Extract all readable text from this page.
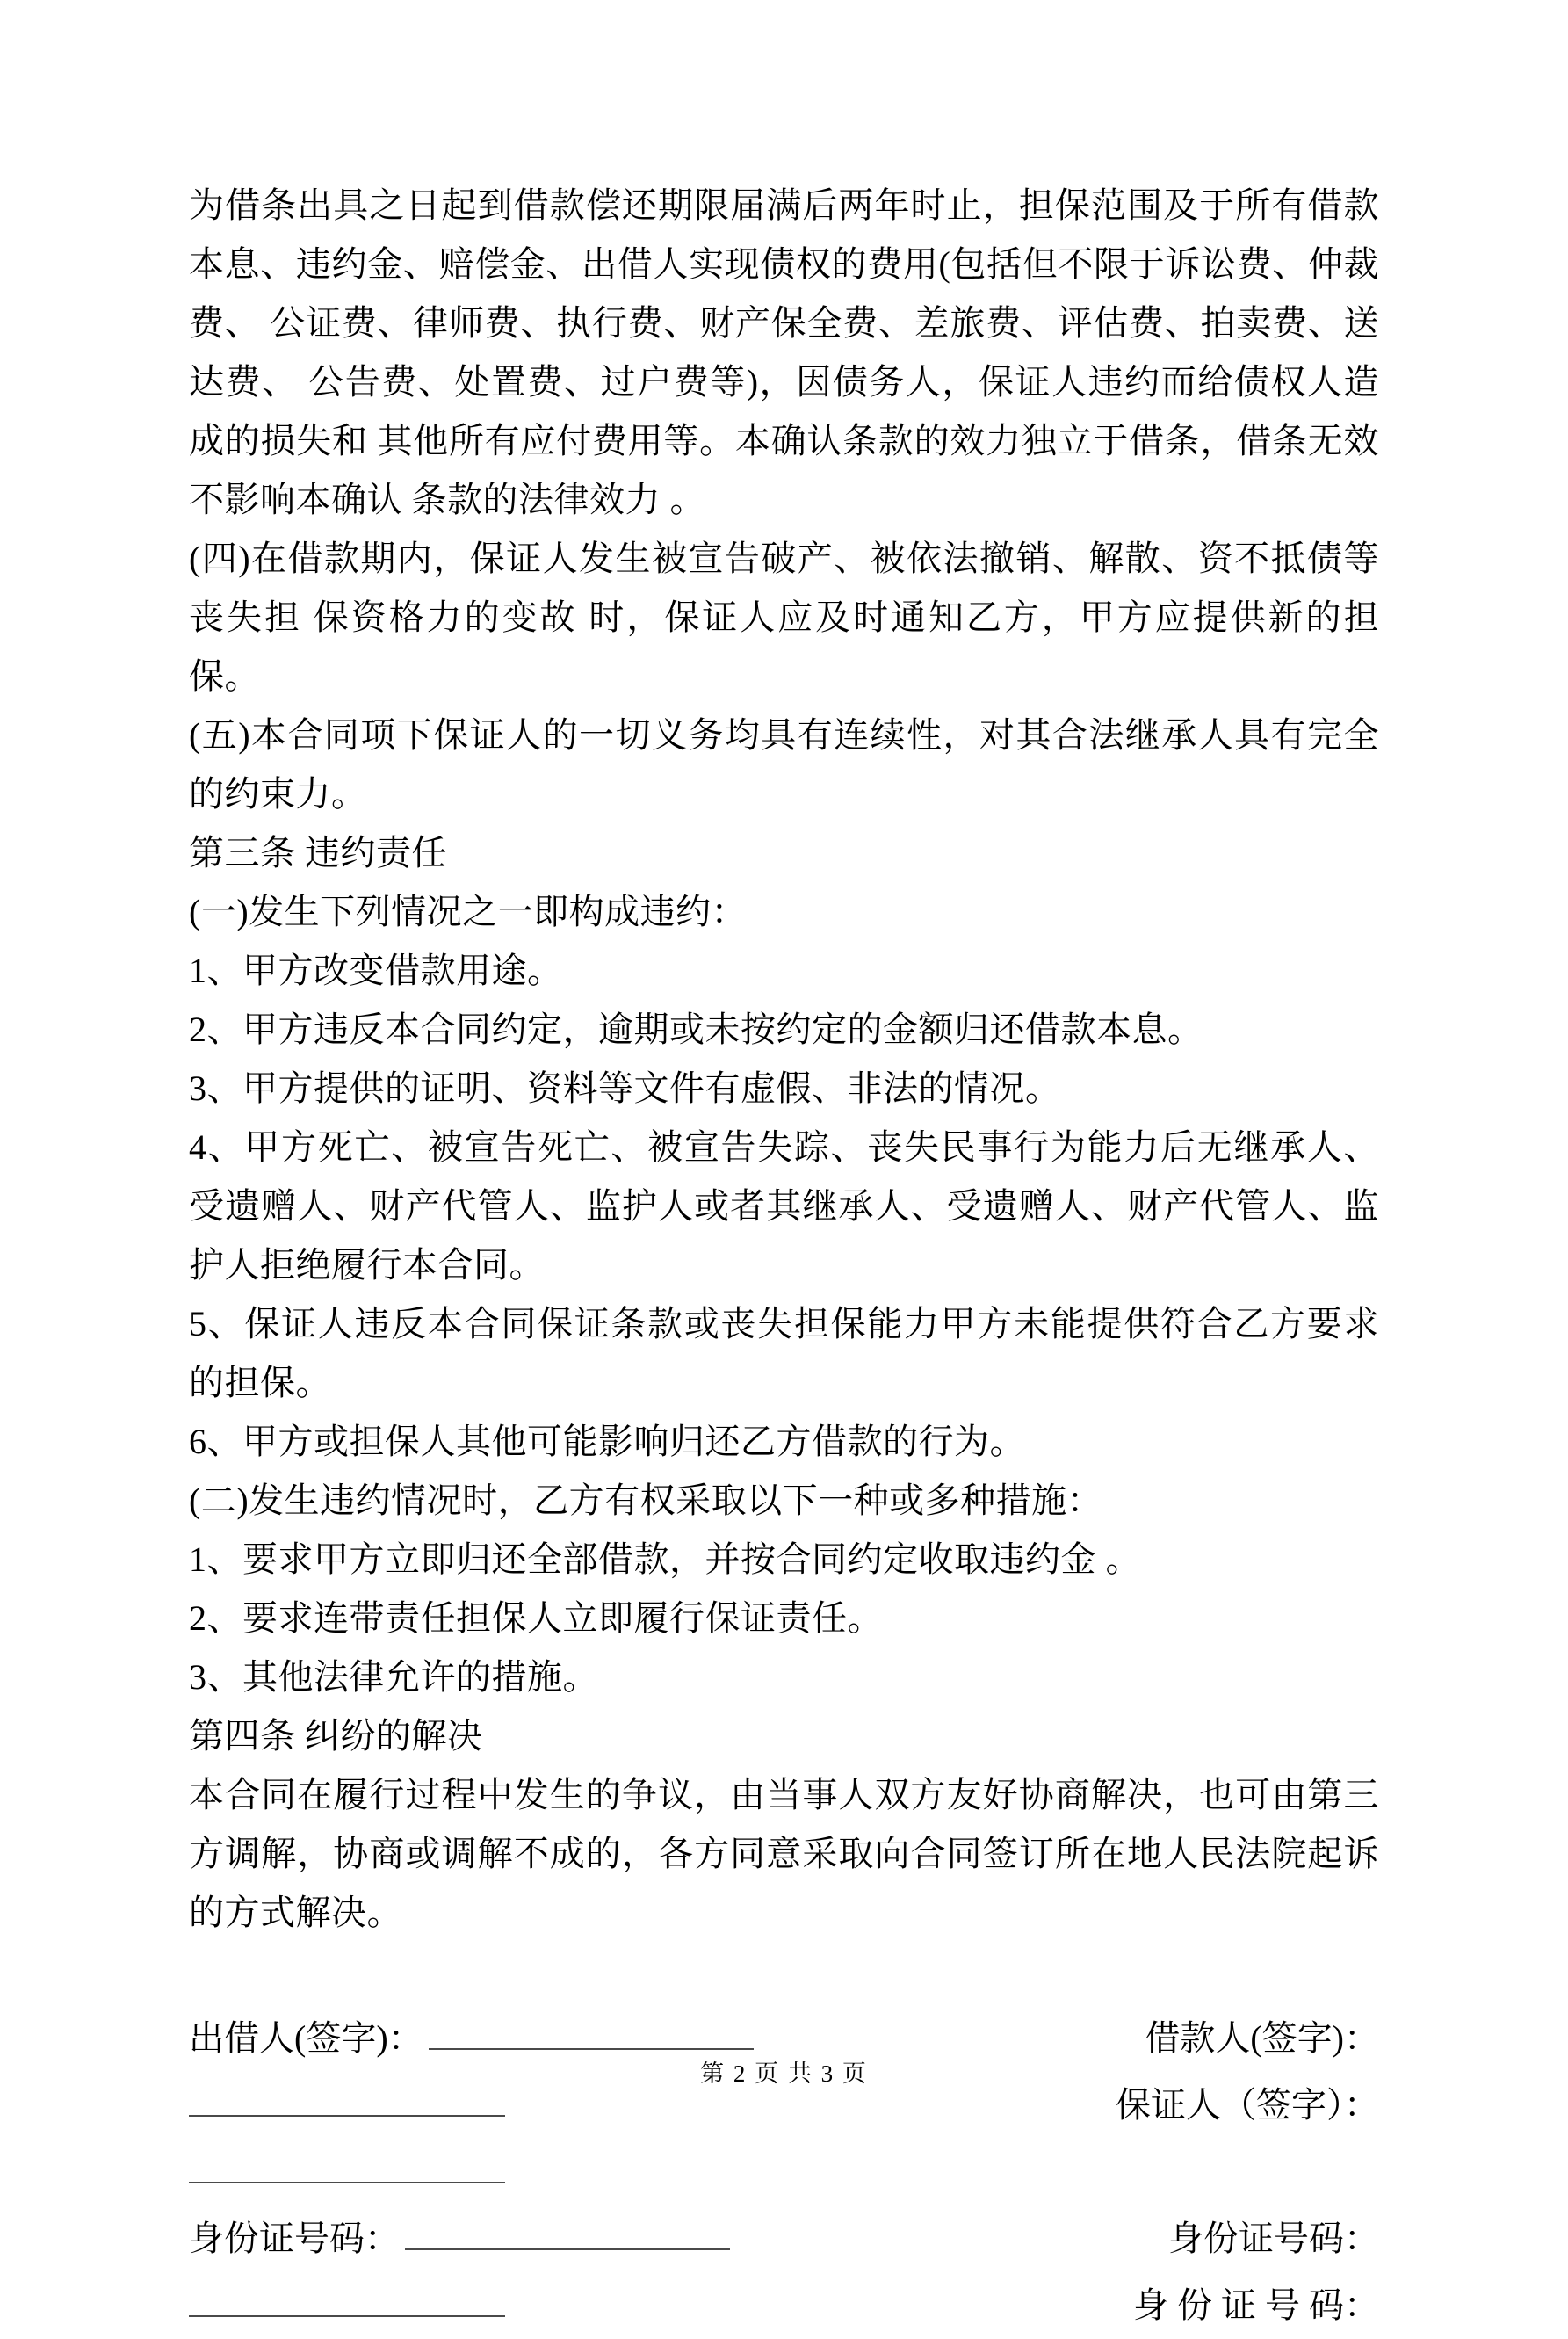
为借条出具之日起到借款偿还期限届满后两年时止，担保范围及于所有借款 本息、违约金、赔偿金、出借人实现债权的费用(包括但不限于诉讼费、仲裁费、 公证费、律师费、执行费、财产保全费、差旅费、评估费、拍卖费、送达费、 公告费、处置费、过户费等)，因债务人，保证人违约而给债权人造成的损失和 其他所有应付费用等。本确认条款的效力独立于借条，借条无效不影响本确认 条款的法律效力 。

(四)在借款期内，保证人发生被宣告破产、被依法撤销、解散、资不抵债等丧失担 保资格力的变故 时，保证人应及时通知乙方，甲方应提供新的担保。

(五)本合同项下保证人的一切义务均具有连续性，对其合法继承人具有完全的约束力。

第三条 违约责任

(一)发生下列情况之一即构成违约：

1、甲方改变借款用途。

2、甲方违反本合同约定，逾期或未按约定的金额归还借款本息。

3、甲方提供的证明、资料等文件有虚假、非法的情况。

4、甲方死亡、被宣告死亡、被宣告失踪、丧失民事行为能力后无继承人、受遗赠人、财产代管人、监护人或者其继承人、受遗赠人、财产代管人、监护人拒绝履行本合同。

5、保证人违反本合同保证条款或丧失担保能力甲方未能提供符合乙方要求的担保。

6、甲方或担保人其他可能影响归还乙方借款的行为。

(二)发生违约情况时，乙方有权采取以下一种或多种措施：

1、要求甲方立即归还全部借款，并按合同约定收取违约金 。

2、要求连带责任担保人立即履行保证责任。

3、其他法律允许的措施。

第四条 纠纷的解决

本合同在履行过程中发生的争议，由当事人双方友好协商解决，也可由第三方调解，协商或调解不成的，各方同意采取向合同签订所在地人民法院起诉的方式解决。

出借人(签字)：	借款人(签字)：
保证人（签字）：
身份证号码：	身份证号码：
身 份 证 号 码：
第 2 页 共 3 页
